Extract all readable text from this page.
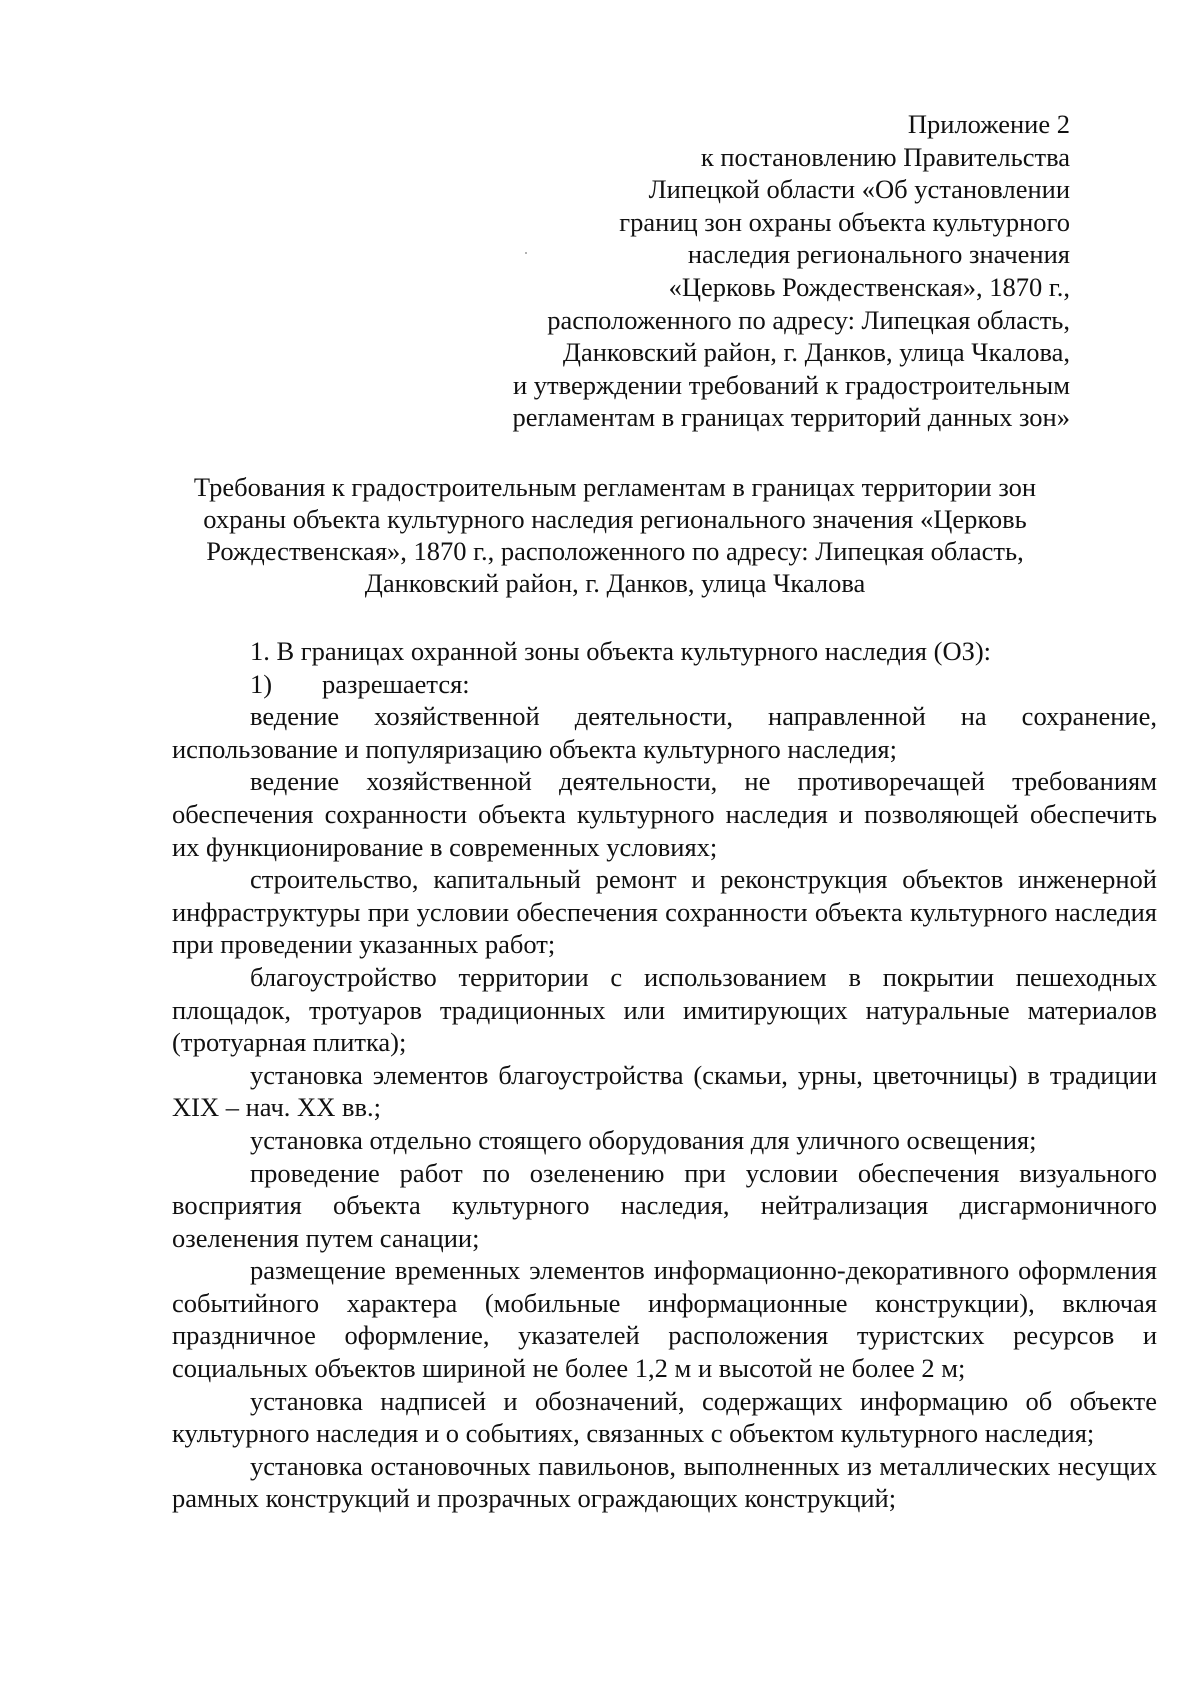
Приложение 2
к постановлению Правительства
Липецкой области «Об установлении
границ зон охраны объекта культурного
наследия регионального значения
«Церковь Рождественская», 1870 г.,
расположенного по адресу: Липецкая область,
Данковский район, г. Данков, улица Чкалова,
и утверждении требований к градостроительным
регламентам в границах территорий данных зон»
Требования к градостроительным регламентам в границах территории зон
охраны объекта культурного наследия регионального значения «Церковь
Рождественская», 1870 г., расположенного по адресу: Липецкая область,
Данковский район, г. Данков, улица Чкалова

1. В границах охранной зоны объекта культурного наследия (ОЗ):

1) разрешается:

ведение хозяйственной деятельности, направленной на сохранение, использование и популяризацию объекта культурного наследия;

ведение хозяйственной деятельности, не противоречащей требованиям обеспечения сохранности объекта культурного наследия и позволяющей обеспечить их функционирование в современных условиях;

строительство, капитальный ремонт и реконструкция объектов инженерной инфраструктуры при условии обеспечения сохранности объекта культурного наследия при проведении указанных работ;

благоустройство территории с использованием в покрытии пешеходных площадок, тротуаров традиционных или имитирующих натуральные материалов (тротуарная плитка);

установка элементов благоустройства (скамьи, урны, цветочницы) в традиции XIX – нач. XX вв.;

установка отдельно стоящего оборудования для уличного освещения;

проведение работ по озеленению при условии обеспечения визуального восприятия объекта культурного наследия, нейтрализация дисгармоничного озеленения путем санации;

размещение временных элементов информационно-декоративного оформления событийного характера (мобильные информационные конструкции), включая праздничное оформление, указателей расположения туристских ресурсов и социальных объектов шириной не более 1,2 м и высотой не более 2 м;

установка надписей и обозначений, содержащих информацию об объекте культурного наследия и о событиях, связанных с объектом культурного наследия;

установка остановочных павильонов, выполненных из металлических несущих рамных конструкций и прозрачных ограждающих конструкций;
